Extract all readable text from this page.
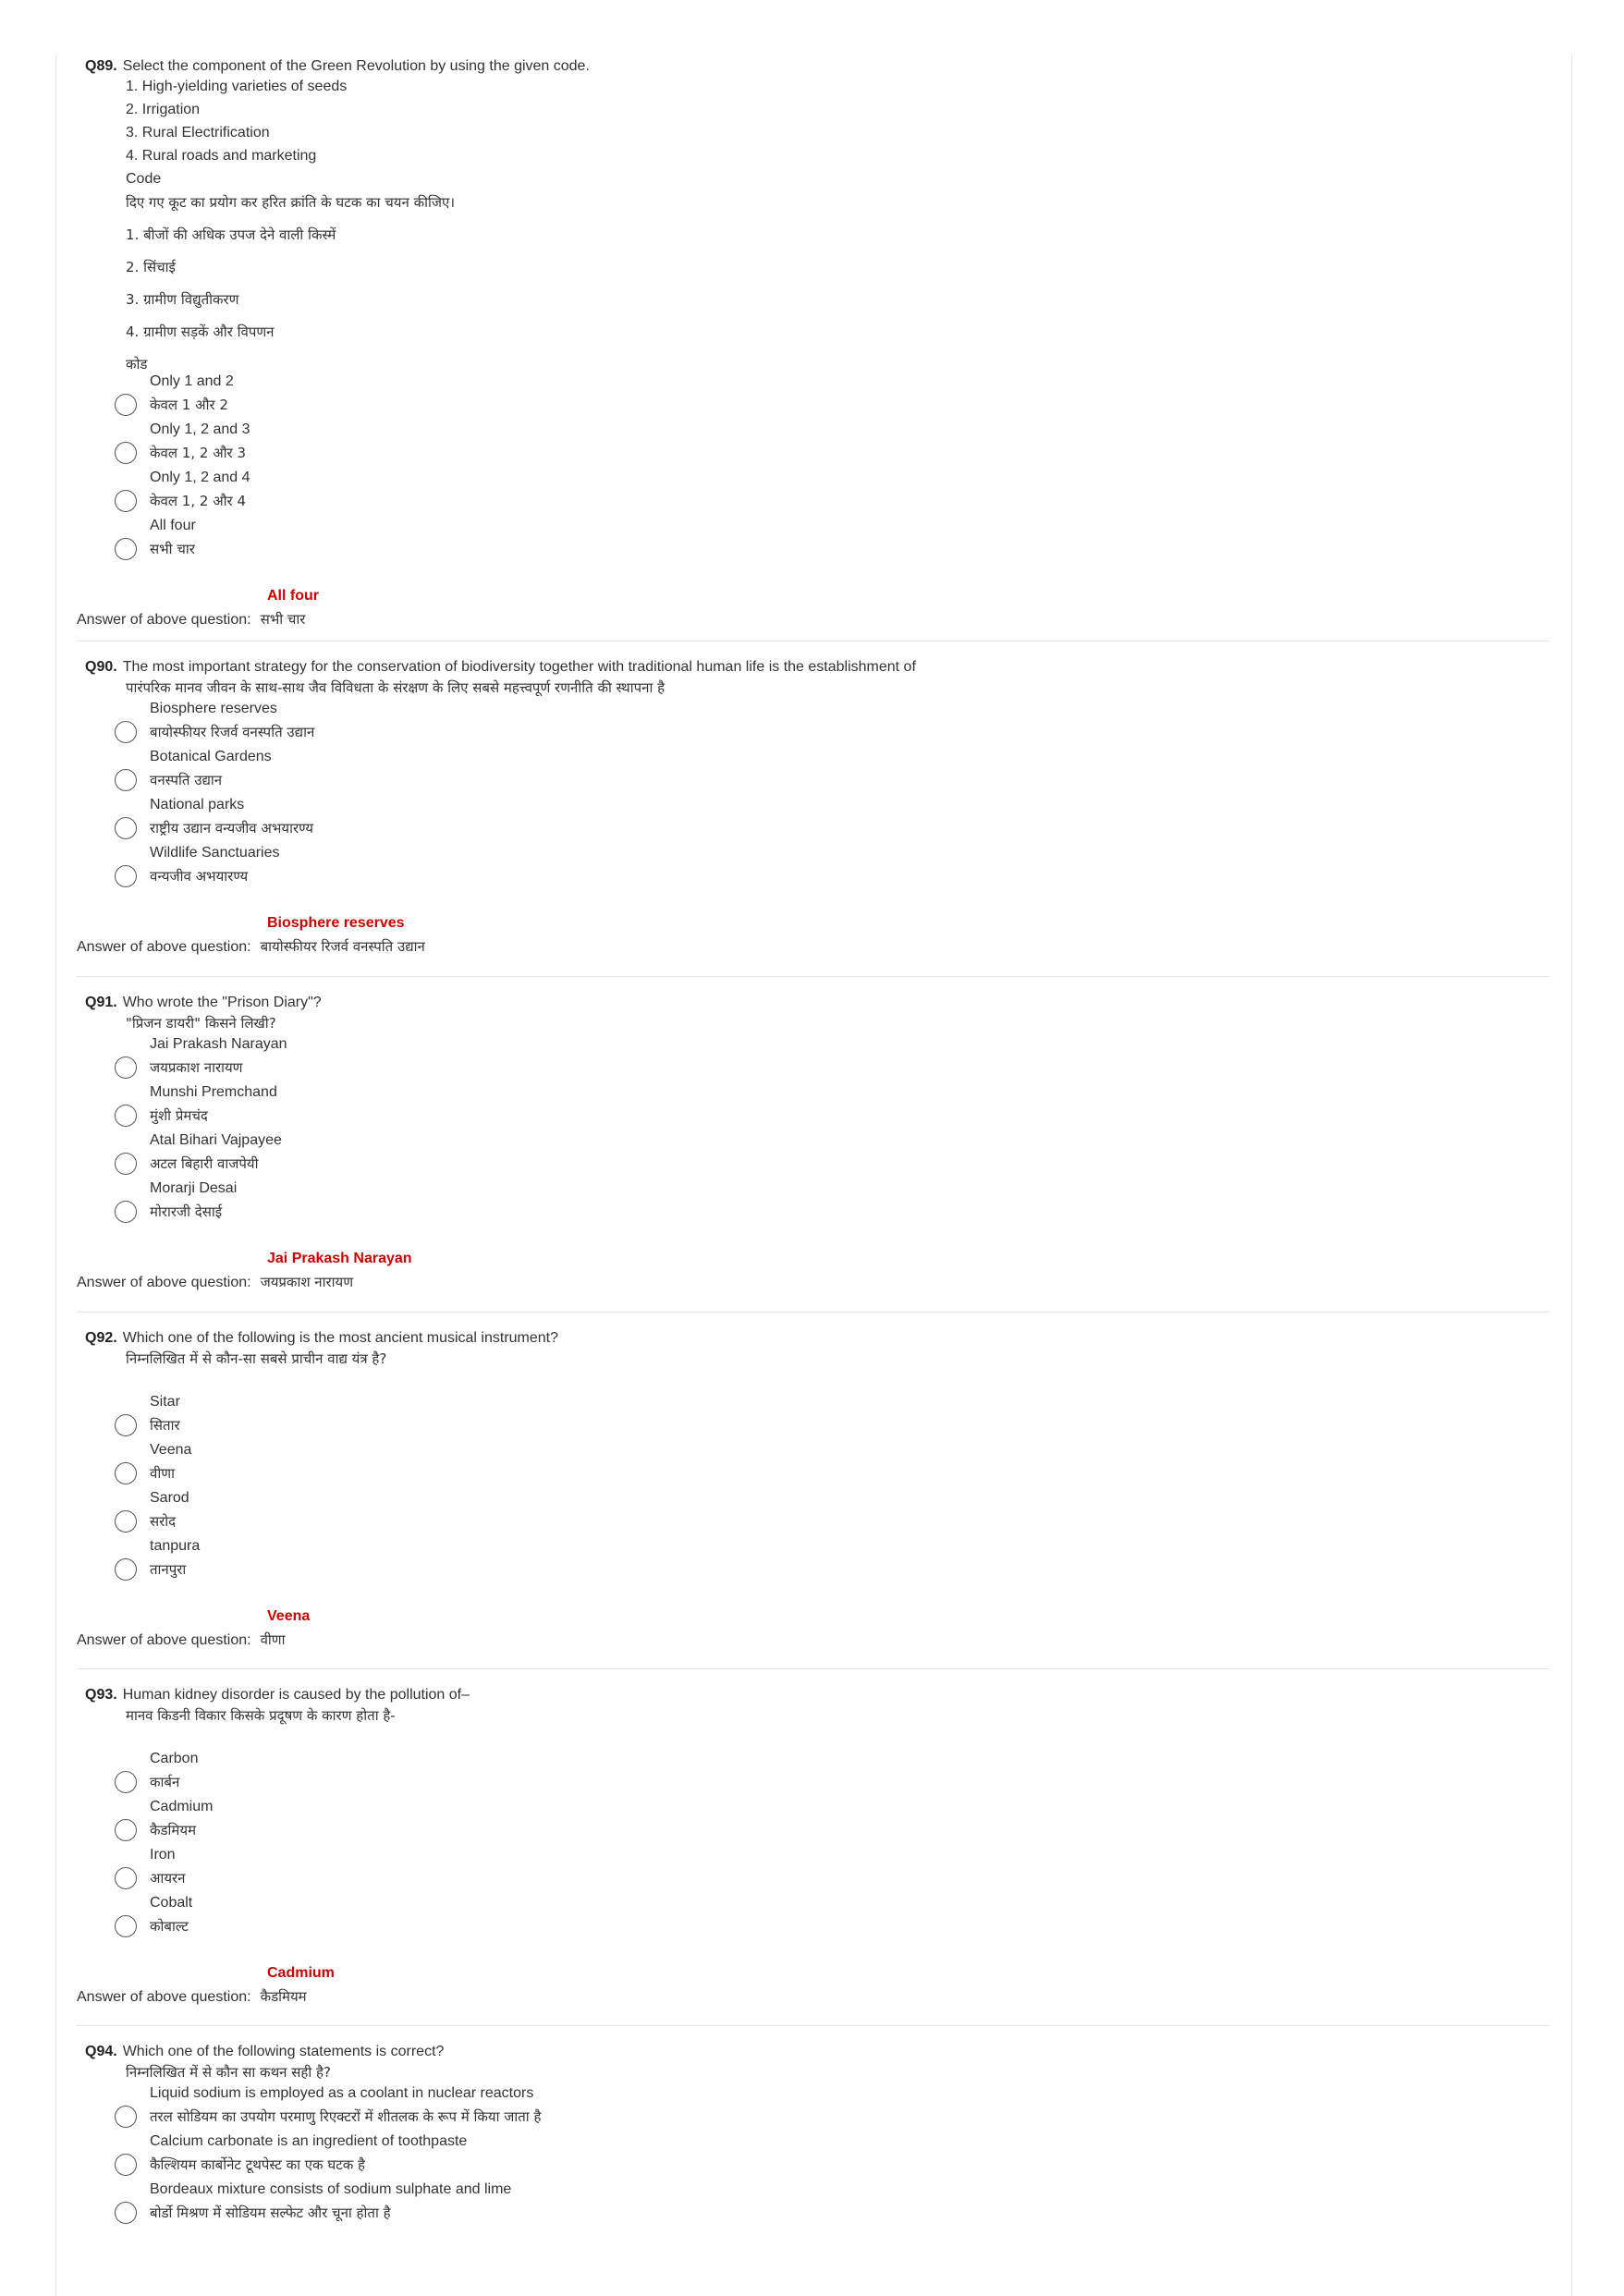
Q89. Select the component of the Green Revolution by using the given code.
1. High-yielding varieties of seeds
2. Irrigation
3. Rural Electrification
4. Rural roads and marketing
Code
दिए गए कूट का प्रयोग कर हरित क्रांति के घटक का चयन कीजिए।
1. बीजों की अधिक उपज देने वाली किस्में
2. सिंचाई
3. ग्रामीण विद्युतीकरण
4. ग्रामीण सड़कें और विपणन
कोड
Only 1 and 2
केवल 1 और 2
Only 1, 2 and 3
केवल 1, 2 और 3
Only 1, 2 and 4
केवल 1, 2 और 4
All four
सभी चार
All four
Answer of above question: सभी चार
Q90. The most important strategy for the conservation of biodiversity together with traditional human life is the establishment of
पारंपरिक मानव जीवन के साथ-साथ जैव विविधता के संरक्षण के लिए सबसे महत्त्वपूर्ण रणनीति की स्थापना है
Biosphere reserves
बायोस्फीयर रिजर्व वनस्पति उद्यान
Botanical Gardens
वनस्पति उद्यान
National parks
राष्ट्रीय उद्यान वन्यजीव अभयारण्य
Wildlife Sanctuaries
वन्यजीव अभयारण्य
Biosphere reserves
Answer of above question: बायोस्फीयर रिजर्व वनस्पति उद्यान
Q91. Who wrote the "Prison Diary"?
"प्रिजन डायरी" किसने लिखी?
Jai Prakash Narayan
जयप्रकाश नारायण
Munshi Premchand
मुंशी प्रेमचंद
Atal Bihari Vajpayee
अटल बिहारी वाजपेयी
Morarji Desai
मोरारजी देसाई
Jai Prakash Narayan
Answer of above question: जयप्रकाश नारायण
Q92. Which one of the following is the most ancient musical instrument?
निम्नलिखित में से कौन-सा सबसे प्राचीन वाद्य यंत्र है?
Sitar
सितार
Veena
वीणा
Sarod
सरोद
tanpura
तानपुरा
Veena
Answer of above question: वीणा
Q93. Human kidney disorder is caused by the pollution of–
मानव किडनी विकार किसके प्रदूषण के कारण होता है-
Carbon
कार्बन
Cadmium
कैडमियम
Iron
आयरन
Cobalt
कोबाल्ट
Cadmium
Answer of above question: कैडमियम
Q94. Which one of the following statements is correct?
निम्नलिखित में से कौन सा कथन सही है?
Liquid sodium is employed as a coolant in nuclear reactors
तरल सोडियम का उपयोग परमाणु रिएक्टरों में शीतलक के रूप में किया जाता है
Calcium carbonate is an ingredient of toothpaste
कैल्शियम कार्बोनेट टूथपेस्ट का एक घटक है
Bordeaux mixture consists of sodium sulphate and lime
बोर्डो मिश्रण में सोडियम सल्फेट और चूना होता है
